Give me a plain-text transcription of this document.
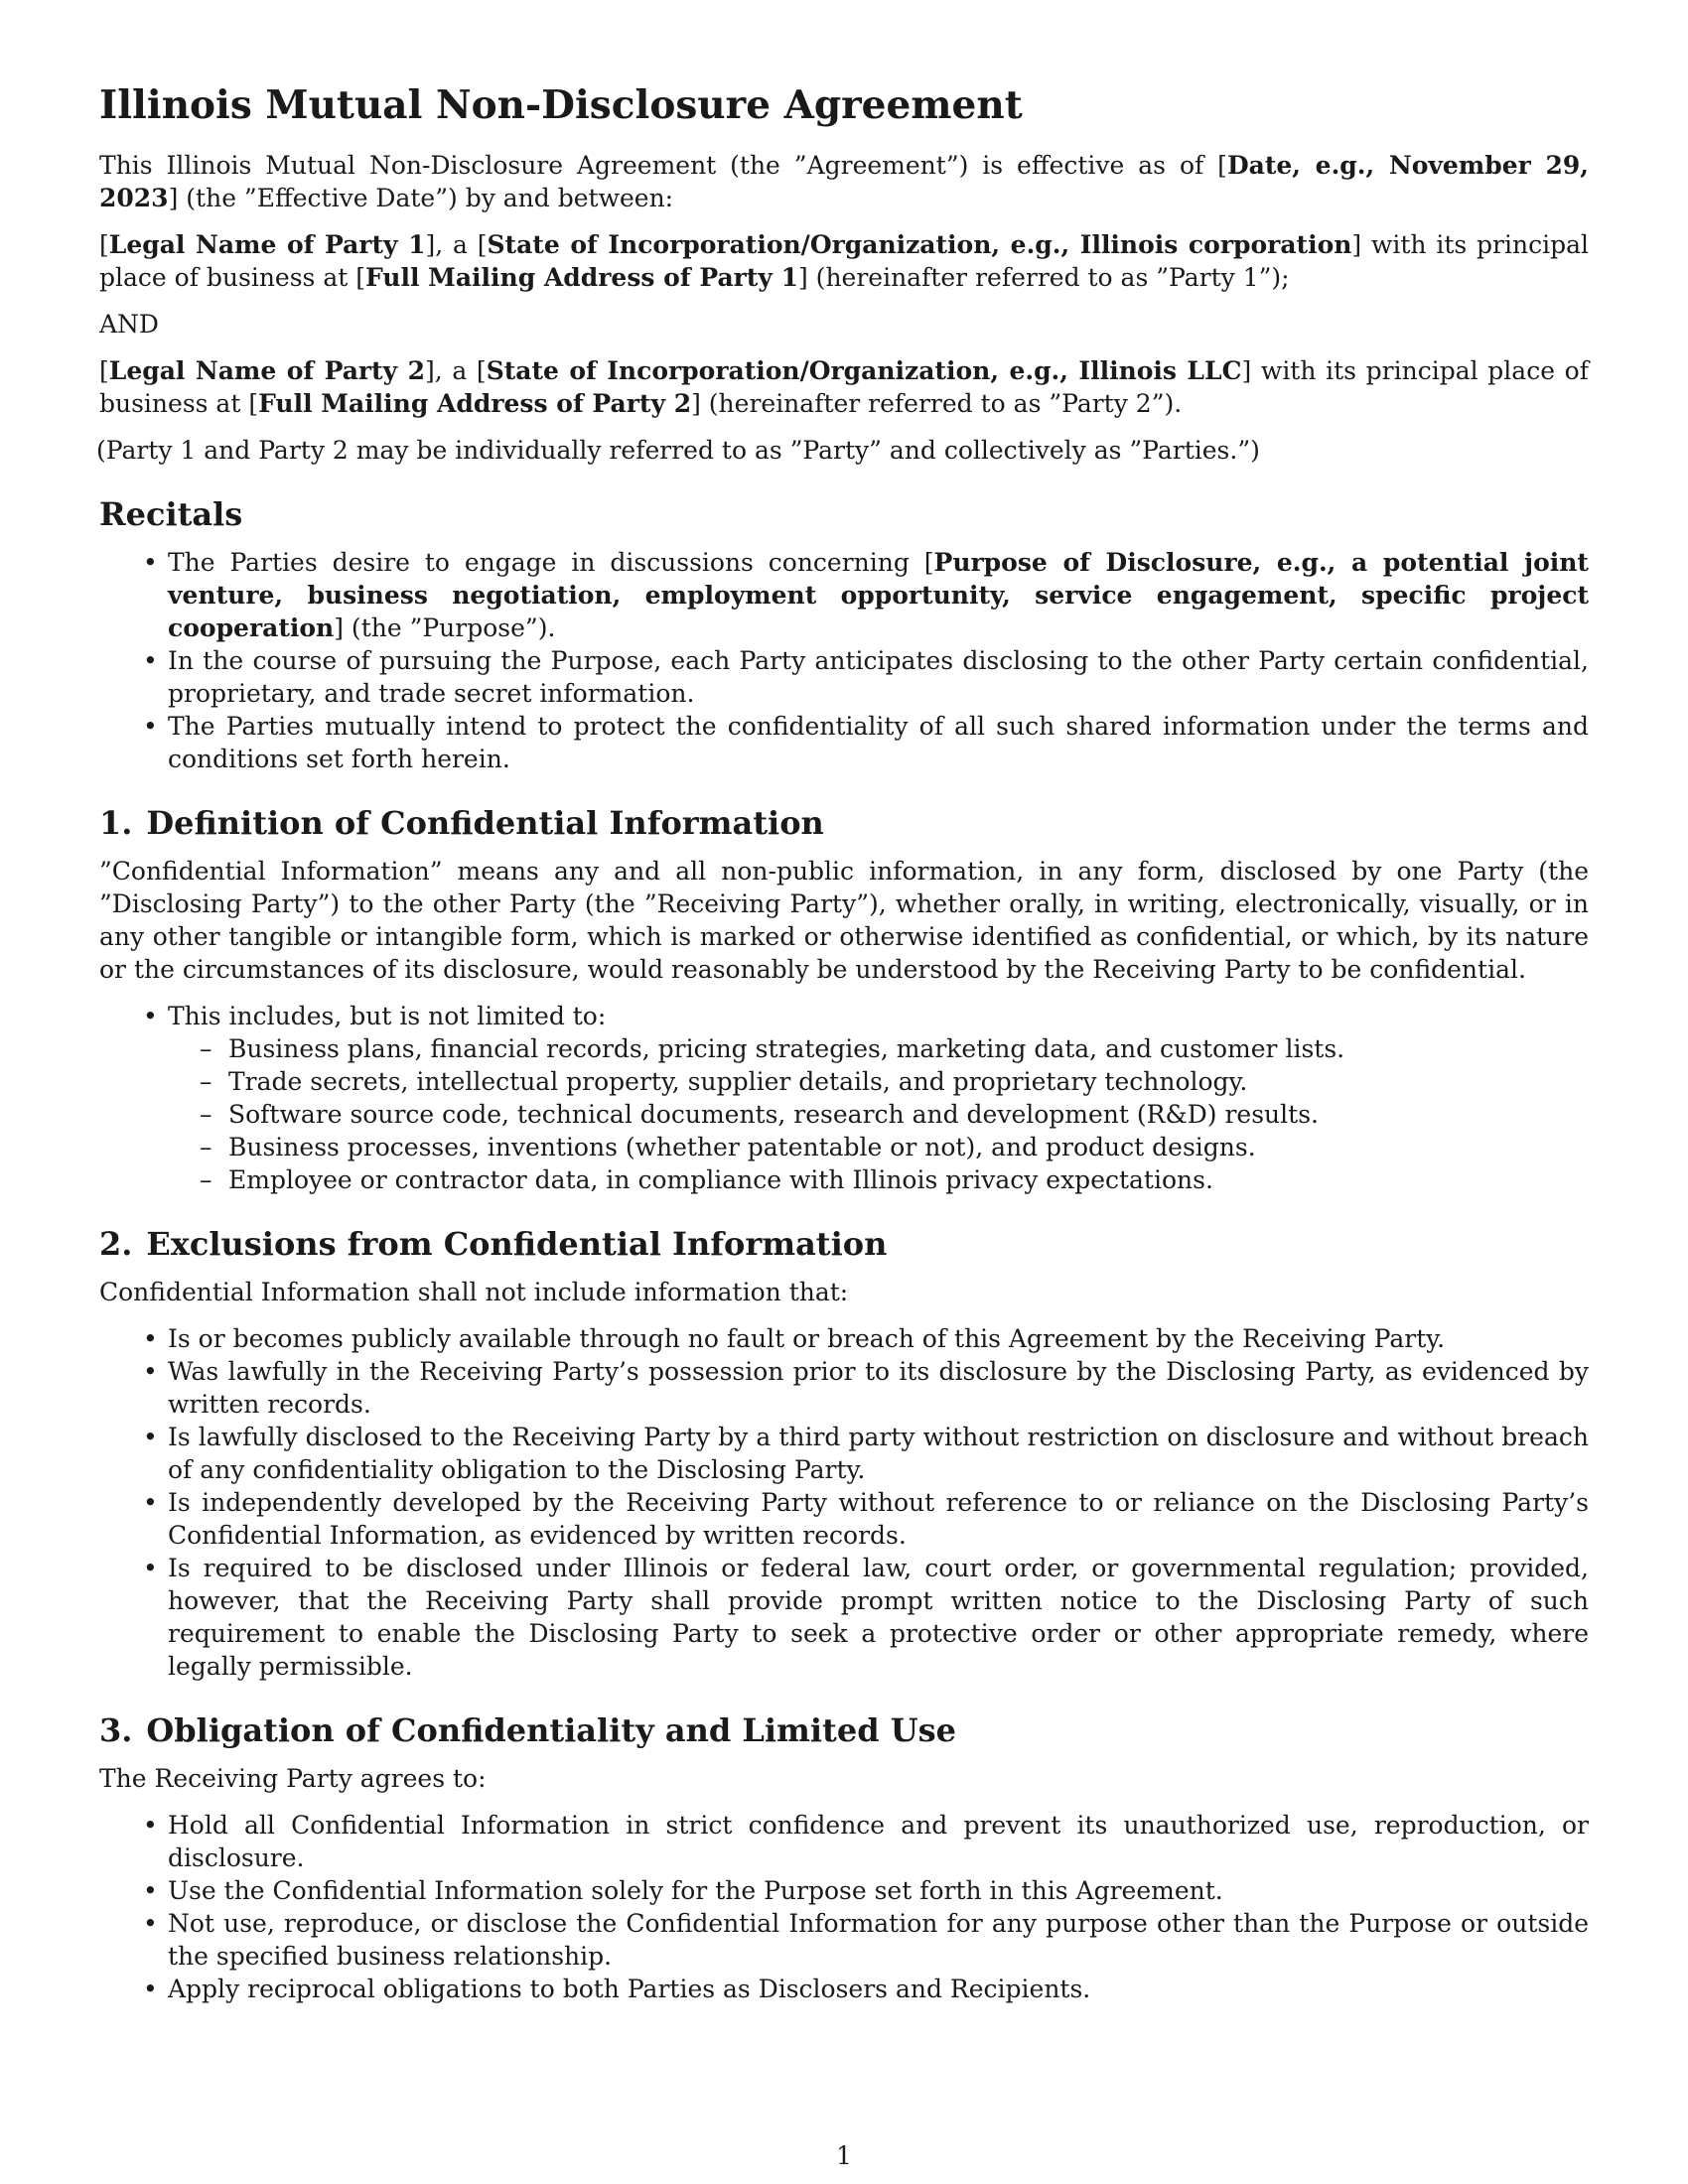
Illinois Mutual Non-Disclosure Agreement

This Illinois Mutual Non-Disclosure Agreement (the ”Agreement”) is effective as of [Date, e.g., November 29, 2023] (the ”Effective Date”) by and between:

[Legal Name of Party 1], a [State of Incorporation/Organization, e.g., Illinois corporation] with its principal place of business at [Full Mailing Address of Party 1] (hereinafter referred to as ”Party 1”);

AND

[Legal Name of Party 2], a [State of Incorporation/Organization, e.g., Illinois LLC] with its principal place of business at [Full Mailing Address of Party 2] (hereinafter referred to as ”Party 2”).

(Party 1 and Party 2 may be individually referred to as ”Party” and collectively as ”Parties.”)

Recitals
• The Parties desire to engage in discussions concerning [Purpose of Disclosure, e.g., a potential joint venture, business negotiation, employment opportunity, service engagement, specific project cooperation] (the ”Purpose”).
• In the course of pursuing the Purpose, each Party anticipates disclosing to the other Party certain confidential, proprietary, and trade secret information.
• The Parties mutually intend to protect the confidentiality of all such shared information under the terms and conditions set forth herein.
1. Definition of Confidential Information

”Confidential Information” means any and all non-public information, in any form, disclosed by one Party (the ”Disclosing Party”) to the other Party (the ”Receiving Party”), whether orally, in writing, electronically, visually, or in any other tangible or intangible form, which is marked or otherwise identified as confidential, or which, by its nature or the circumstances of its disclosure, would reasonably be understood by the Receiving Party to be confidential.

• This includes, but is not limited to:
– Business plans, financial records, pricing strategies, marketing data, and customer lists.
– Trade secrets, intellectual property, supplier details, and proprietary technology.
– Software source code, technical documents, research and development (R&D) results.
– Business processes, inventions (whether patentable or not), and product designs.
– Employee or contractor data, in compliance with Illinois privacy expectations.
2. Exclusions from Confidential Information

Confidential Information shall not include information that:

• Is or becomes publicly available through no fault or breach of this Agreement by the Receiving Party.
• Was lawfully in the Receiving Party’s possession prior to its disclosure by the Disclosing Party, as evidenced by written records.
• Is lawfully disclosed to the Receiving Party by a third party without restriction on disclosure and without breach of any confidentiality obligation to the Disclosing Party.
• Is independently developed by the Receiving Party without reference to or reliance on the Disclosing Party’s Confidential Information, as evidenced by written records.
• Is required to be disclosed under Illinois or federal law, court order, or governmental regulation; provided, however, that the Receiving Party shall provide prompt written notice to the Disclosing Party of such requirement to enable the Disclosing Party to seek a protective order or other appropriate remedy, where legally permissible.
3. Obligation of Confidentiality and Limited Use

The Receiving Party agrees to:

• Hold all Confidential Information in strict confidence and prevent its unauthorized use, reproduction, or disclosure.
• Use the Confidential Information solely for the Purpose set forth in this Agreement.
• Not use, reproduce, or disclose the Confidential Information for any purpose other than the Purpose or outside the specified business relationship.
• Apply reciprocal obligations to both Parties as Disclosers and Recipients.
1
